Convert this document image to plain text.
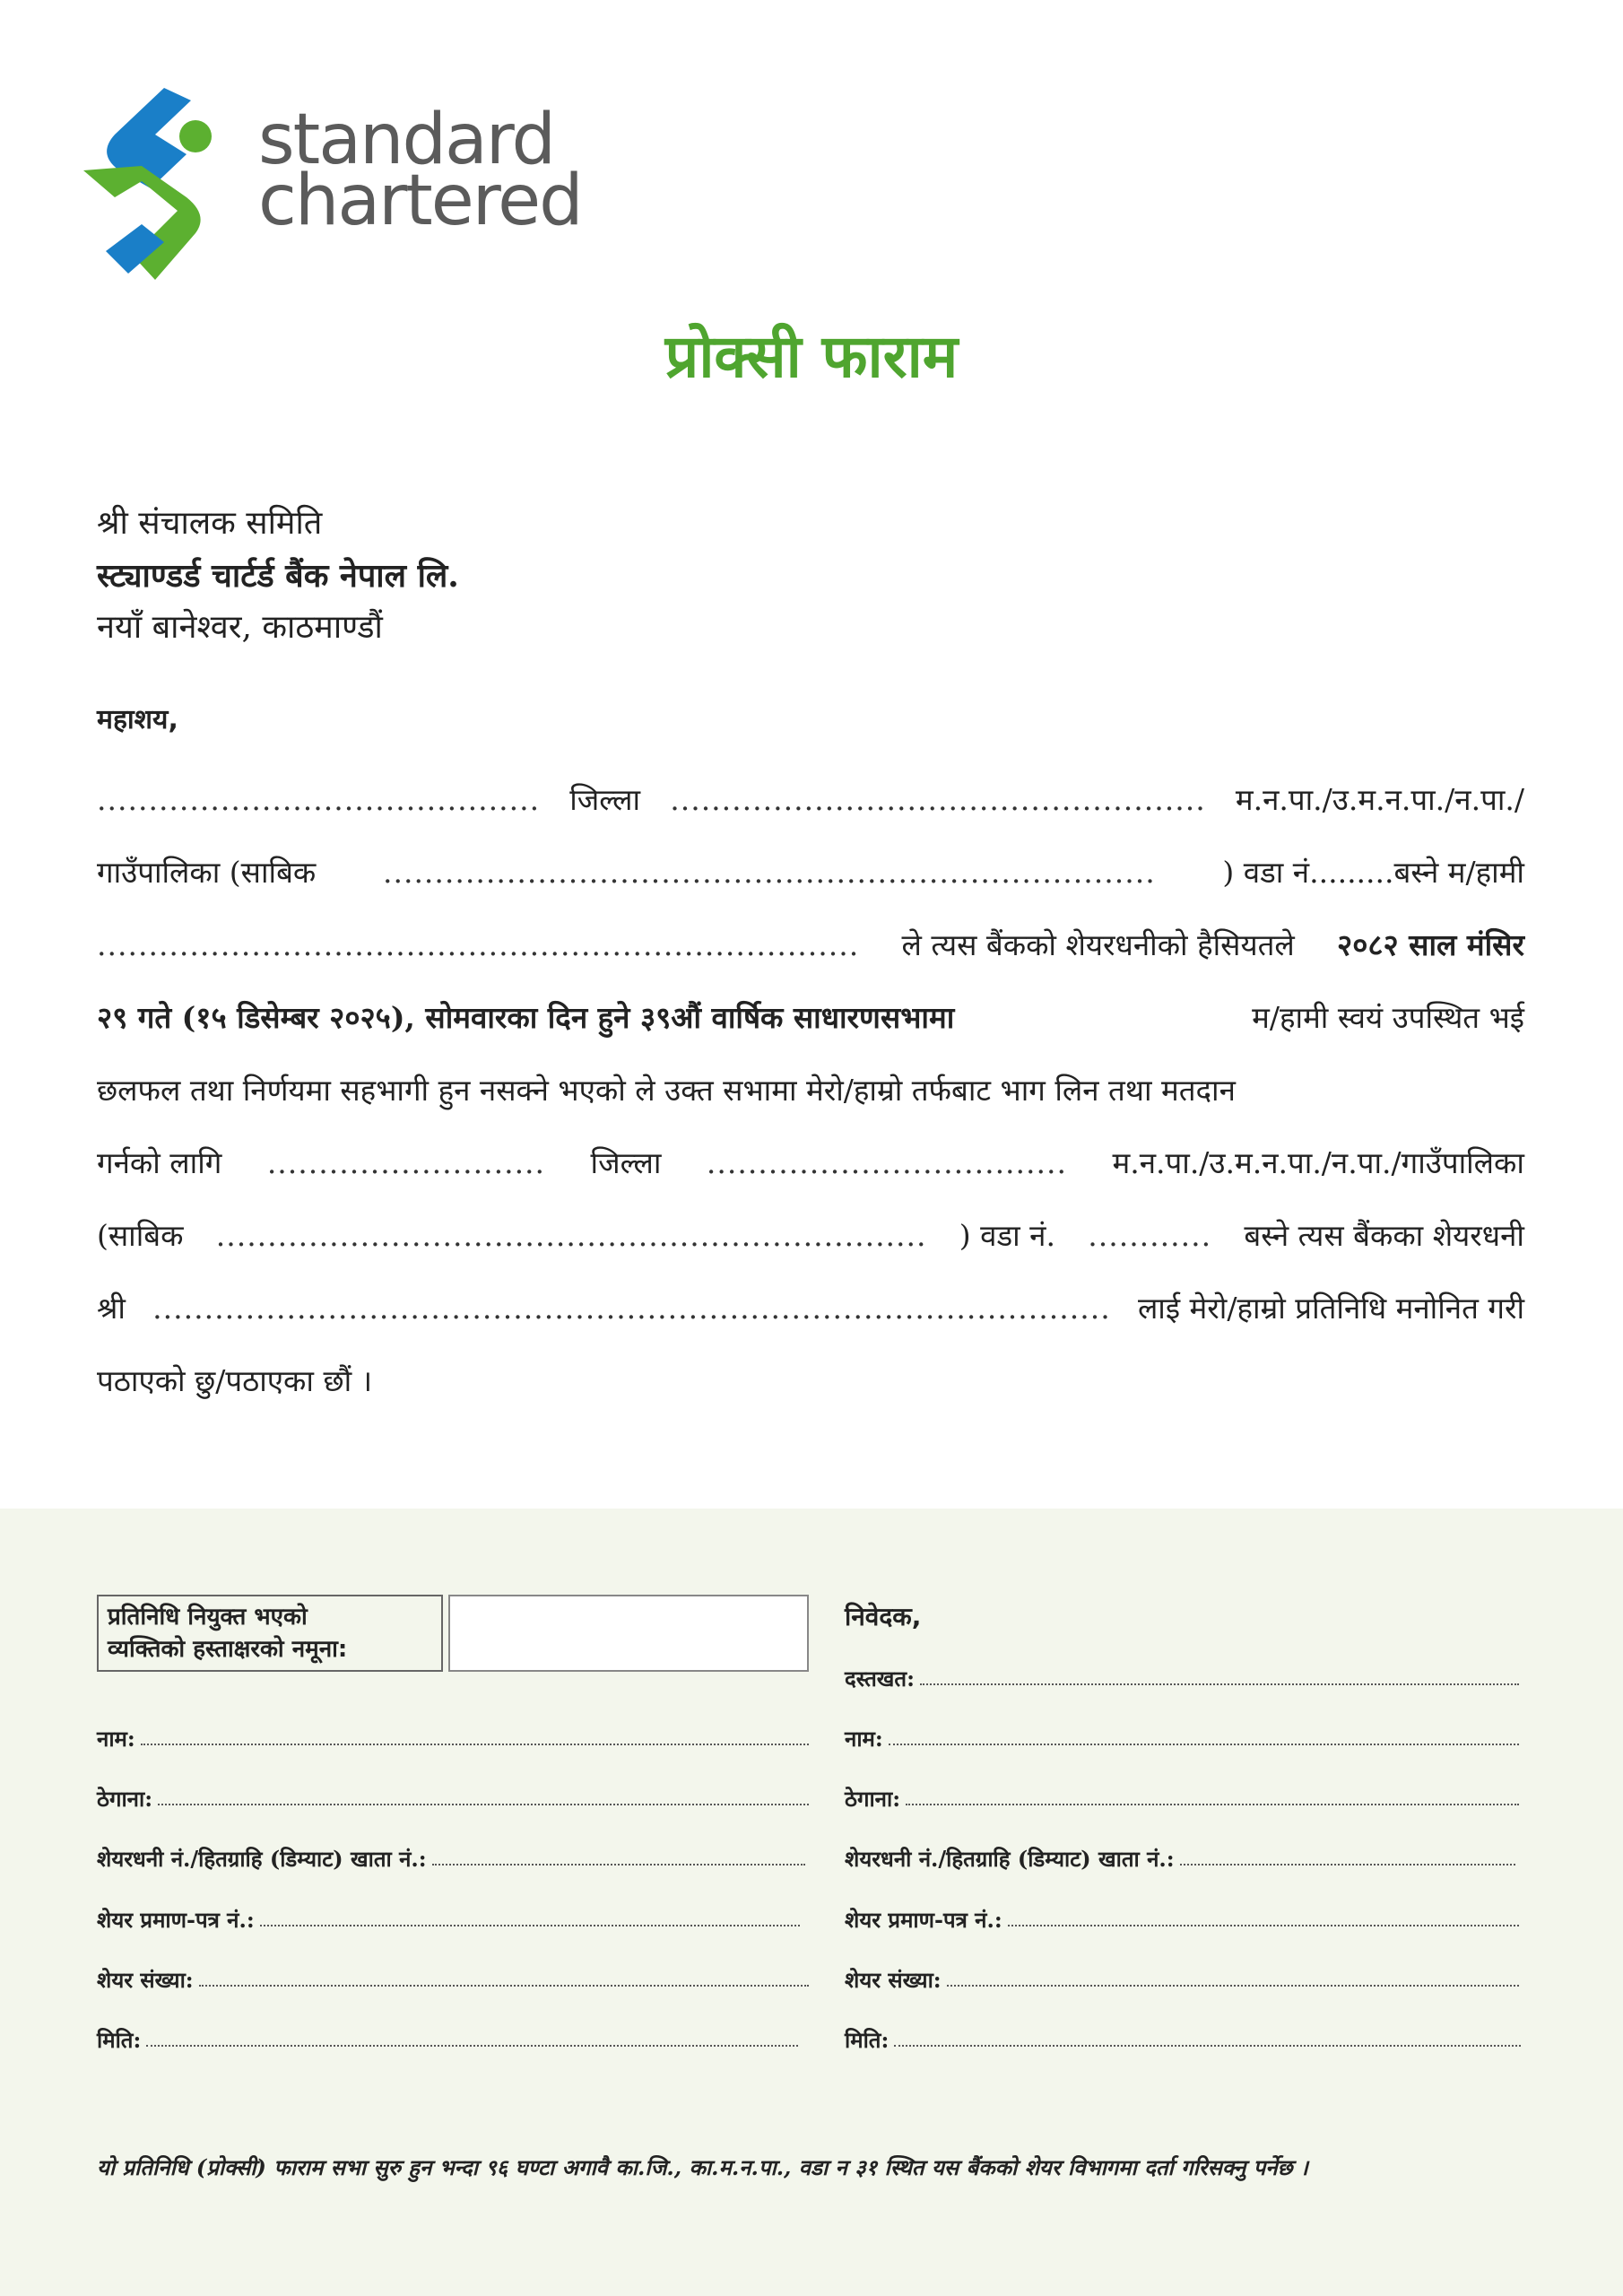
standard
chartered
प्रोक्सी फाराम
श्री संचालक समिति
स्ट्याण्डर्ड चार्टर्ड बैंक नेपाल लि.
नयाँ बानेश्वर, काठमाण्डौं
महाशय,
........................................... जिल्ला .................................................... म.न.पा./उ.म.न.पा./न.पा./
गाउँपालिका (साबिक ........................................................................... ) वडा नं.........बस्ने म/हामी
.......................................................................... ले त्यस बैंकको शेयरधनीको हैसियतले २०८२ साल मंसिर
२९ गते (१५ डिसेम्बर २०२५), सोमवारका दिन हुने ३९औं वार्षिक साधारणसभामा	म/हामी स्वयं उपस्थित भई
छलफल तथा निर्णयमा सहभागी हुन नसक्ने भएको ले उक्त सभामा मेरो/हाम्रो तर्फबाट भाग लिन तथा मतदान
गर्नको लागि ........................... जिल्ला ................................... म.न.पा./उ.म.न.पा./न.पा./गाउँपालिका
(साबिक ..................................................................... ) वडा नं. ............ बस्ने त्यस बैंकका शेयरधनी
श्री ............................................................................................. लाई मेरो/हाम्रो प्रतिनिधि मनोनित गरी
पठाएको छु/पठाएका छौं ।
प्रतिनिधि नियुक्त भएको
व्यक्तिको हस्ताक्षरको नमूना:
निवेदक,
दस्तखत:
नाम:
ठेगाना:
शेयरधनी नं./हितग्राहि (डिम्याट) खाता नं.:
शेयर प्रमाण-पत्र नं.:
शेयर संख्या:
मिति:
नाम:
ठेगाना:
शेयरधनी नं./हितग्राहि (डिम्याट) खाता नं.:
शेयर प्रमाण-पत्र नं.:
शेयर संख्या:
मिति:
यो प्रतिनिधि (प्रोक्सी) फाराम सभा सुरु हुन भन्दा ९६ घण्टा अगावै का.जि., का.म.न.पा., वडा न ३१ स्थित यस बैंकको शेयर विभागमा दर्ता गरिसक्नु पर्नेछ ।
